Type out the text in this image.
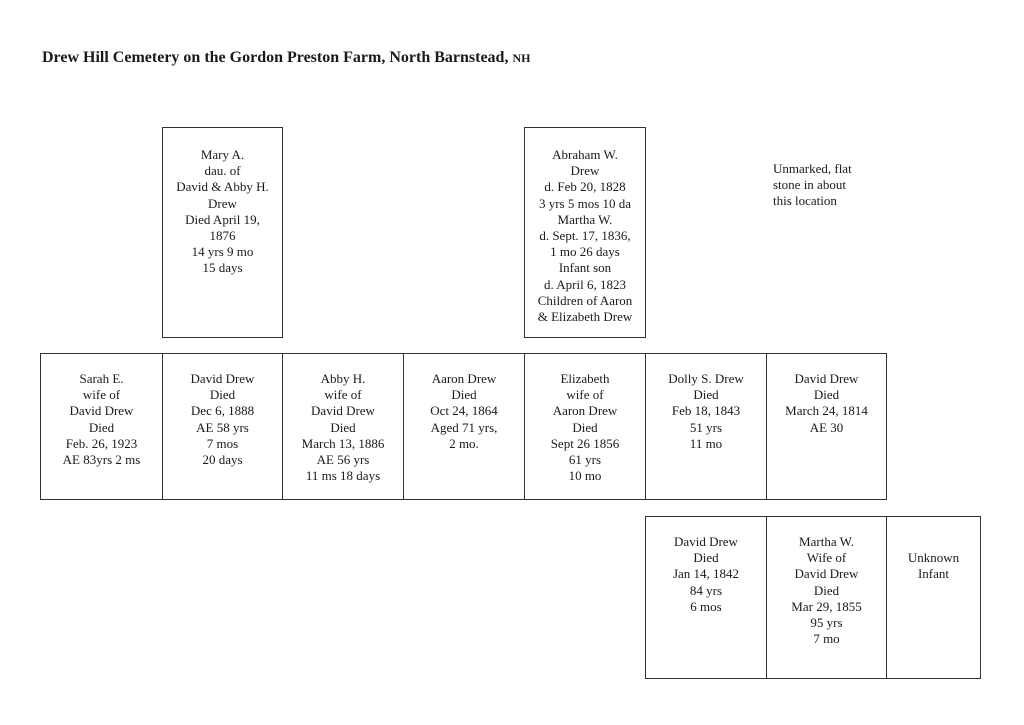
Drew Hill Cemetery on the Gordon Preston Farm, North Barnstead, NH
Mary A.
dau. of
David & Abby H.
Drew
Died April 19,
1876
14 yrs 9 mo
15 days
Abraham W.
Drew
d. Feb 20, 1828
3 yrs 5 mos 10 da
Martha W.
d. Sept. 17, 1836,
1 mo 26 days
Infant son
d. April 6, 1823
Children of Aaron
& Elizabeth Drew
Unmarked, flat
stone in about
this location
Sarah E.
wife of
David Drew
Died
Feb. 26, 1923
AE 83yrs 2 ms
David Drew
Died
Dec 6, 1888
AE 58 yrs
7 mos
20 days
Abby H.
wife of
David Drew
Died
March 13, 1886
AE 56 yrs
11 ms 18 days
Aaron Drew
Died
Oct 24, 1864
Aged 71 yrs,
2 mo.
Elizabeth
wife of
Aaron Drew
Died
Sept 26 1856
61 yrs
10 mo
Dolly S. Drew
Died
Feb 18, 1843
51 yrs
11 mo
David Drew
Died
March 24, 1814
AE 30
David Drew
Died
Jan 14, 1842
84 yrs
6 mos
Martha W.
Wife of
David Drew
Died
Mar 29, 1855
95 yrs
7 mo
Unknown
Infant
